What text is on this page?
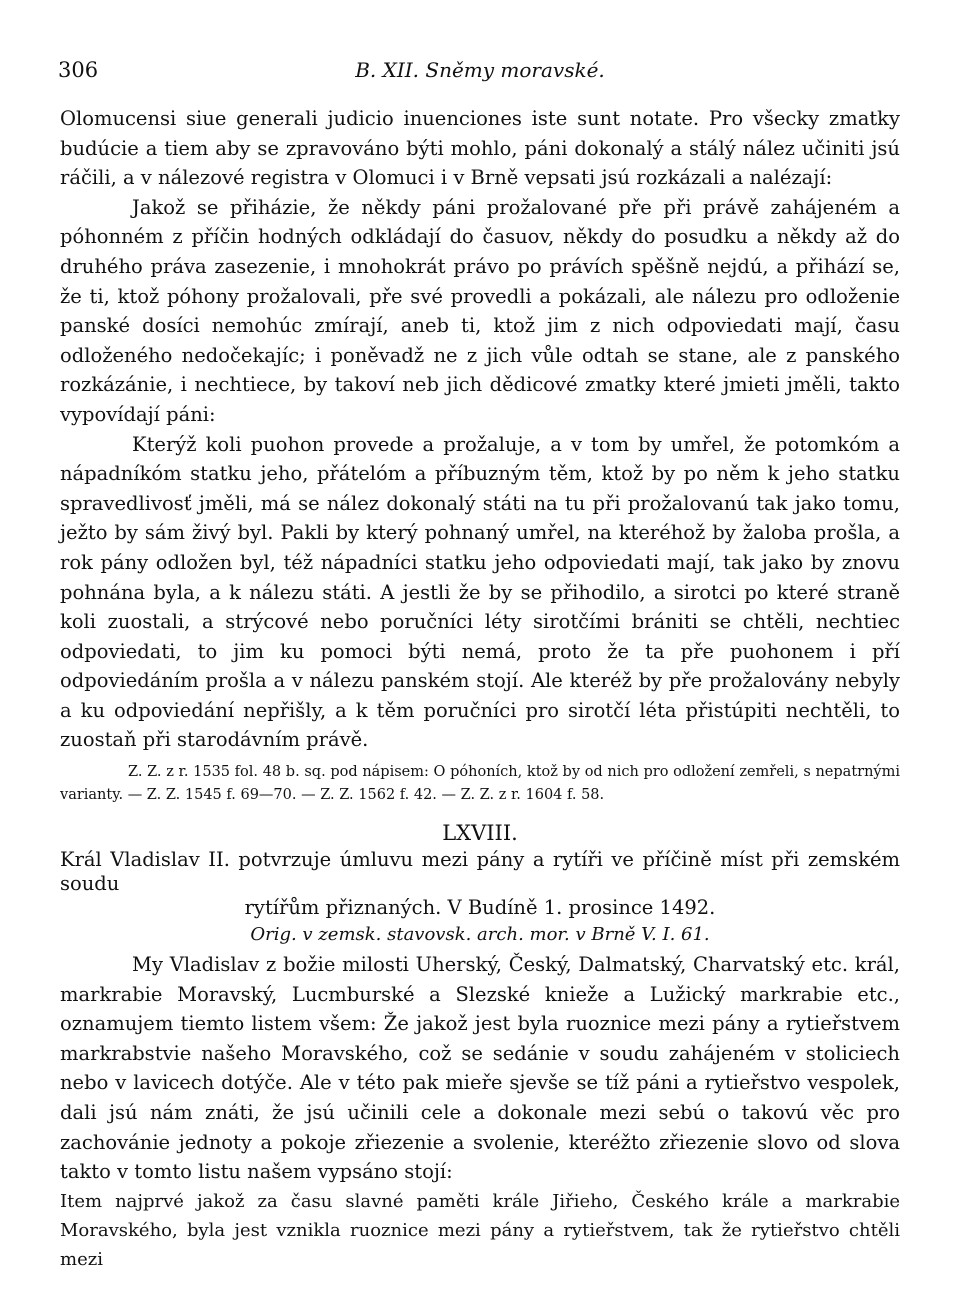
306	B. XII. Sněmy moravské.

Olomucensi siue generali judicio inuenciones iste sunt notate. Pro všecky zmatky budúcie a tiem aby se zpravováno býti mohlo, páni dokonalý a stálý nález učiniti jsú ráčili, a v nálezové registra v Olomuci i v Brně vepsati jsú rozkázali a nalézají:

Jakož se přiházie, že někdy páni prožalované pře při právě zahájeném a póhonném z příčin hodných odkládají do časuov, někdy do posudku a někdy až do druhého práva zasezenie, i mnohokrát právo po právích spěšně nejdú, a přihází se, že ti, ktož póhony prožalovali, pře své provedli a pokázali, ale nálezu pro odloženie panské dosíci nemohúc zmírají, aneb ti, ktož jim z nich odpoviedati mají, času odloženého nedočekajíc; i poněvadž ne z jich vůle odtah se stane, ale z panského rozkázánie, i nechtiece, by takoví neb jich dědicové zmatky které jmieti jměli, takto vypovídají páni:

Kterýž koli puohon provede a prožaluje, a v tom by umřel, že potomkóm a nápadníkóm statku jeho, přátelóm a příbuzným těm, ktož by po něm k jeho statku spravedlivosť jměli, má se nález dokonalý státi na tu při prožalovanú tak jako tomu, ježto by sám živý byl. Pakli by který pohnaný umřel, na kteréhož by žaloba prošla, a rok pány odložen byl, též nápadníci statku jeho odpoviedati mají, tak jako by znovu pohnána byla, a k nálezu státi. A jestli že by se přihodilo, a sirotci po které straně koli zuostali, a strýcové nebo poručníci léty sirotčími brániti se chtěli, nechtiec odpoviedati, to jim ku pomoci býti nemá, proto že ta pře puohonem i pří odpoviedáním prošla a v nálezu panském stojí. Ale kteréž by pře prožalovány nebyly a ku odpoviedání nepřišly, a k těm poručníci pro sirotčí léta přistúpiti nechtěli, to zuostaň při starodávním právě.

Z. Z. z r. 1535 fol. 48 b. sq. pod nápisem: O póhoních, ktož by od nich pro odložení zemřeli, s nepatrnými varianty. — Z. Z. 1545 f. 69—70. — Z. Z. 1562 f. 42. — Z. Z. z r. 1604 f. 58.

LXVIII.

Král Vladislav II. potvrzuje úmluvu mezi pány a rytíři ve příčině míst při zemském soudu
rytířům přiznaných. V Budíně 1. prosince 1492.

Orig. v zemsk. stavovsk. arch. mor. v Brně V. I. 61.

My Vladislav z božie milosti Uherský, Český, Dalmatský, Charvatský etc. král, markrabie Moravský, Lucmburské a Slezské knieže a Lužický markrabie etc., oznamujem tiemto listem všem: Že jakož jest byla ruoznice mezi pány a rytieřstvem markrabstvie našeho Moravského, což se sedánie v soudu zahájeném v stoliciech nebo v lavicech dotýče. Ale v této pak mieře sjevše se tíž páni a rytieřstvo vespolek, dali jsú nám znáti, že jsú učinili cele a dokonale mezi sebú o takovú věc pro zachovánie jednoty a pokoje zřiezenie a svolenie, kteréžto zřiezenie slovo od slova takto v tomto listu našem vypsáno stojí:

Item najprvé jakož za času slavné paměti krále Jiřieho, Českého krále a markrabie Moravského, byla jest vznikla ruoznice mezi pány a rytieřstvem, tak že rytieřstvo chtěli mezi
